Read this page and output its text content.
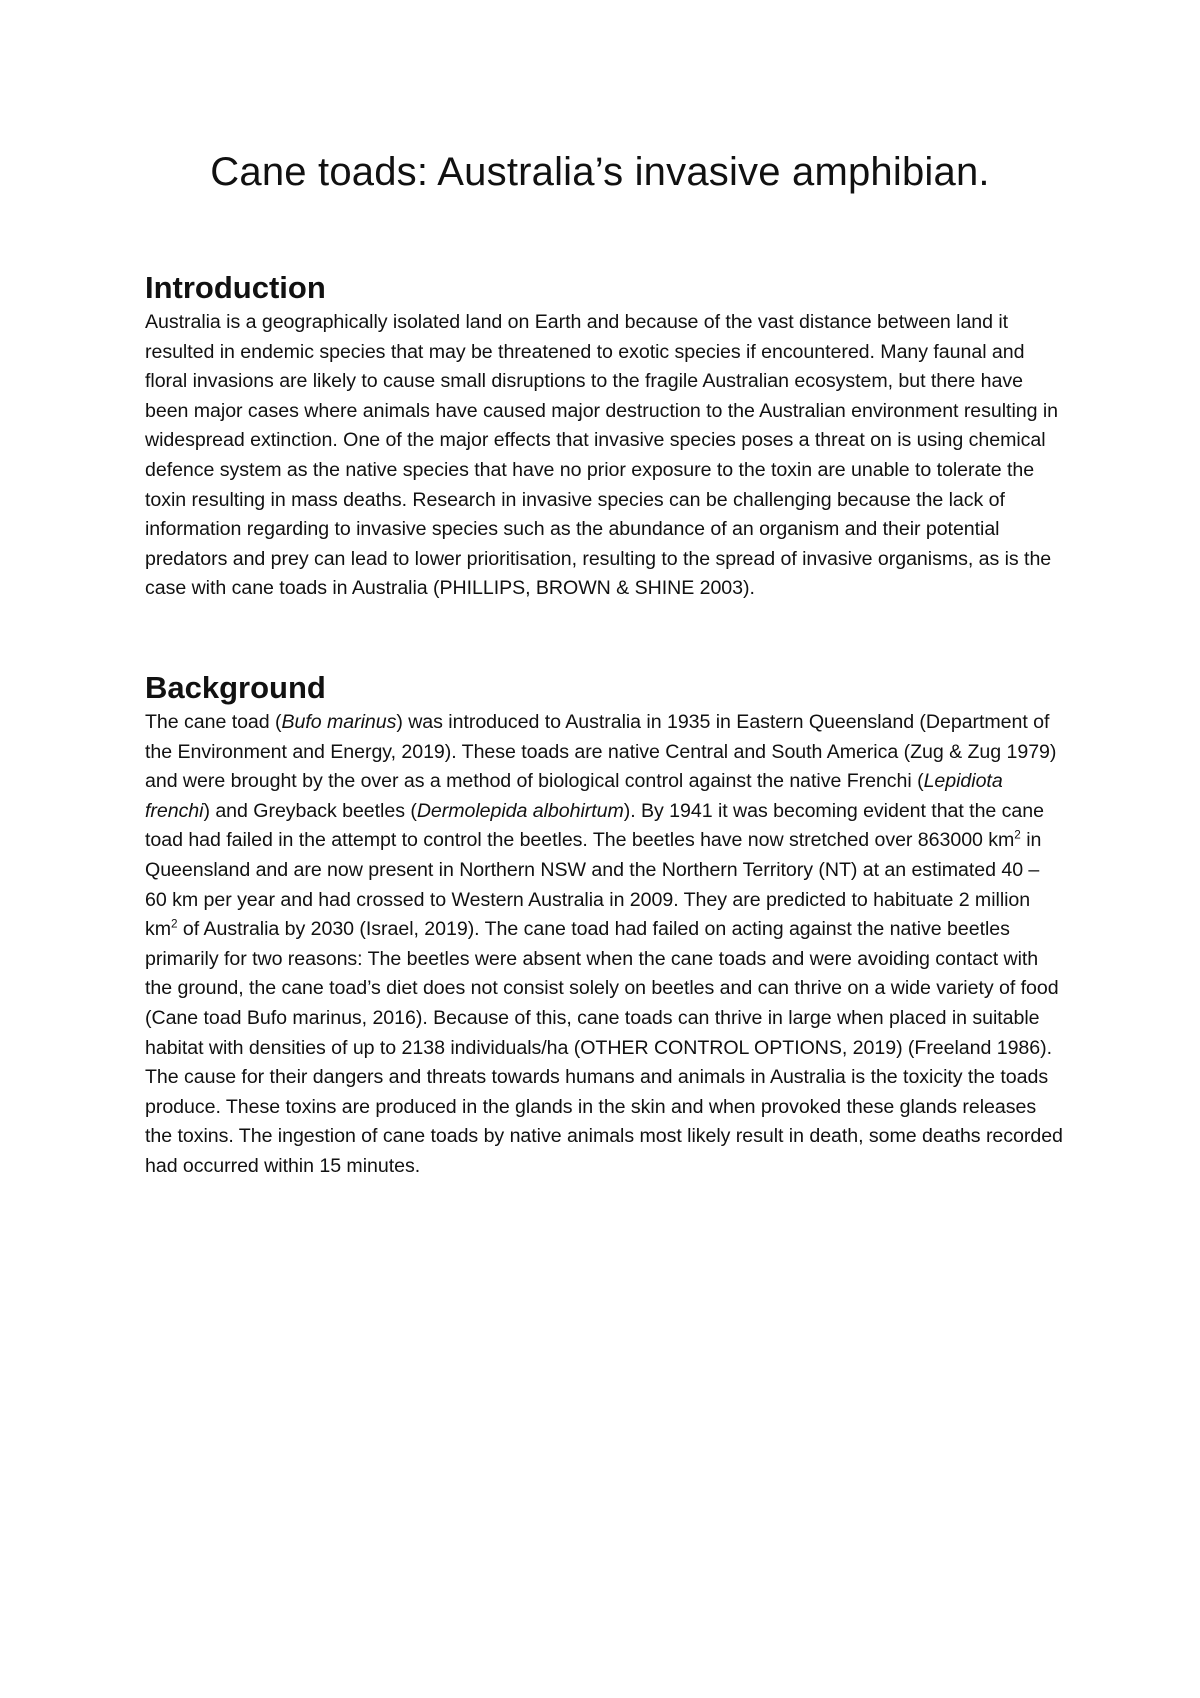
Cane toads: Australia’s invasive amphibian.
Introduction

Australia is a geographically isolated land on Earth and because of the vast distance between land it resulted in endemic species that may be threatened to exotic species if encountered. Many faunal and floral invasions are likely to cause small disruptions to the fragile Australian ecosystem, but there have been major cases where animals have caused major destruction to the Australian environment resulting in widespread extinction. One of the major effects that invasive species poses a threat on is using chemical defence system as the native species that have no prior exposure to the toxin are unable to tolerate the toxin resulting in mass deaths. Research in invasive species can be challenging because the lack of information regarding to invasive species such as the abundance of an organism and their potential predators and prey can lead to lower prioritisation, resulting to the spread of invasive organisms, as is the case with cane toads in Australia (PHILLIPS, BROWN & SHINE 2003).

Background

The cane toad (Bufo marinus) was introduced to Australia in 1935 in Eastern Queensland (Department of the Environment and Energy, 2019). These toads are native Central and South America (Zug & Zug 1979) and were brought by the over as a method of biological control against the native Frenchi (Lepidiota frenchi) and Greyback beetles (Dermolepida albohirtum). By 1941 it was becoming evident that the cane toad had failed in the attempt to control the beetles. The beetles have now stretched over 863000 $km^2$ in Queensland and are now present in Northern NSW and the Northern Territory (NT) at an estimated 40 – 60 km per year and had crossed to Western Australia in 2009. They are predicted to habituate 2 million $km^2$ of Australia by 2030 (Israel, 2019). The cane toad had failed on acting against the native beetles primarily for two reasons: The beetles were absent when the cane toads and were avoiding contact with the ground, the cane toad’s diet does not consist solely on beetles and can thrive on a wide variety of food (Cane toad Bufo marinus, 2016). Because of this, cane toads can thrive in large when placed in suitable habitat with densities of up to 2138 individuals/ha (OTHER CONTROL OPTIONS, 2019) (Freeland 1986). The cause for their dangers and threats towards humans and animals in Australia is the toxicity the toads produce. These toxins are produced in the glands in the skin and when provoked these glands releases the toxins. The ingestion of cane toads by native animals most likely result in death, some deaths recorded had occurred within 15 minutes.
